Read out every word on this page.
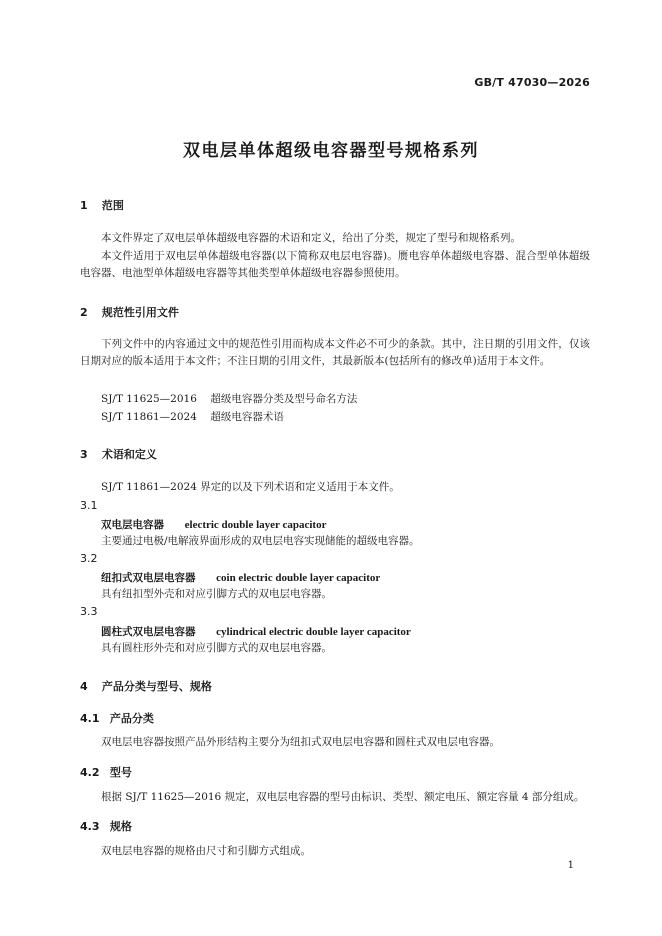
GB/T 47030—2026
双电层单体超级电容器型号规格系列
1 范围
本文件界定了双电层单体超级电容器的术语和定义，给出了分类，规定了型号和规格系列。
本文件适用于双电层单体超级电容器(以下简称双电层电容器)。赝电容单体超级电容器、混合型单体超级电容器、电池型单体超级电容器等其他类型单体超级电容器参照使用。
2 规范性引用文件
下列文件中的内容通过文中的规范性引用而构成本文件必不可少的条款。其中，注日期的引用文件，仅该日期对应的版本适用于本文件；不注日期的引用文件，其最新版本(包括所有的修改单)适用于本文件。
SJ/T 11625—2016 超级电容器分类及型号命名方法
SJ/T 11861—2024 超级电容器术语
3 术语和定义
SJ/T 11861—2024 界定的以及下列术语和定义适用于本文件。
3.1
双电层电容器 electric double layer capacitor
主要通过电极/电解液界面形成的双电层电容实现储能的超级电容器。
3.2
纽扣式双电层电容器 coin electric double layer capacitor
具有纽扣型外壳和对应引脚方式的双电层电容器。
3.3
圆柱式双电层电容器 cylindrical electric double layer capacitor
具有圆柱形外壳和对应引脚方式的双电层电容器。
4 产品分类与型号、规格
4.1 产品分类
双电层电容器按照产品外形结构主要分为纽扣式双电层电容器和圆柱式双电层电容器。
4.2 型号
根据 SJ/T 11625—2016 规定，双电层电容器的型号由标识、类型、额定电压、额定容量 4 部分组成。
4.3 规格
双电层电容器的规格由尺寸和引脚方式组成。
1
